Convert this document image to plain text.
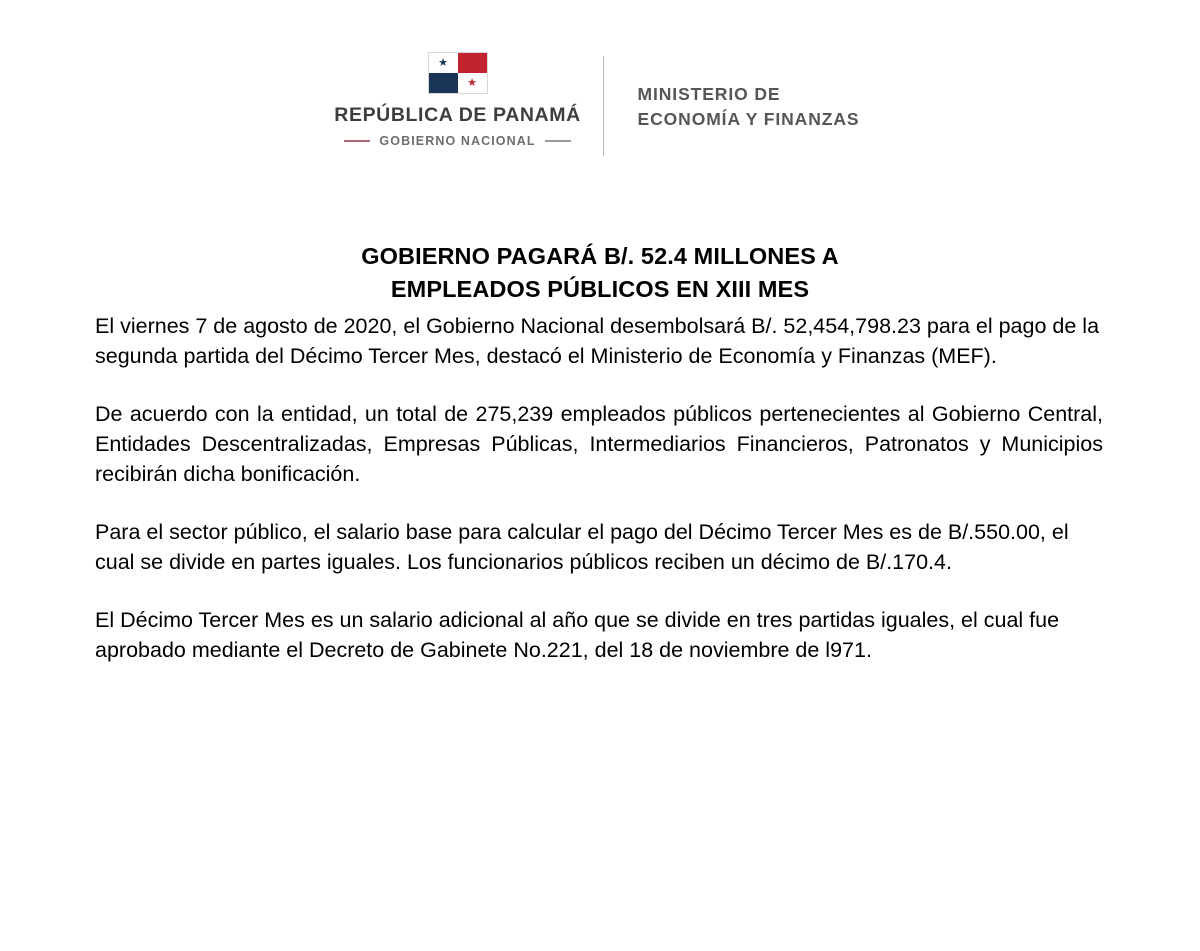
★
★
REPÚBLICA DE PANAMÁ
GOBIERNO NACIONAL
MINISTERIO DE
ECONOMÍA Y FINANZAS
GOBIERNO PAGARÁ B/. 52.4 MILLONES A
EMPLEADOS PÚBLICOS EN XIII MES

El viernes 7 de agosto de 2020, el Gobierno Nacional desembolsará B/. 52,454,798.23 para el pago de la segunda partida del Décimo Tercer Mes, destacó el Ministerio de Economía y Finanzas (MEF).

De acuerdo con la entidad, un total de 275,239 empleados públicos pertenecientes al Gobierno Central, Entidades Descentralizadas, Empresas Públicas, Intermediarios Financieros, Patronatos y Municipios recibirán dicha bonificación.

Para el sector público, el salario base para calcular el pago del Décimo Tercer Mes es de B/.550.00, el cual se divide en partes iguales. Los funcionarios públicos reciben un décimo de B/.170.4.

El Décimo Tercer Mes es un salario adicional al año que se divide en tres partidas iguales, el cual fue aprobado mediante el Decreto de Gabinete No.221, del 18 de noviembre de l971.
